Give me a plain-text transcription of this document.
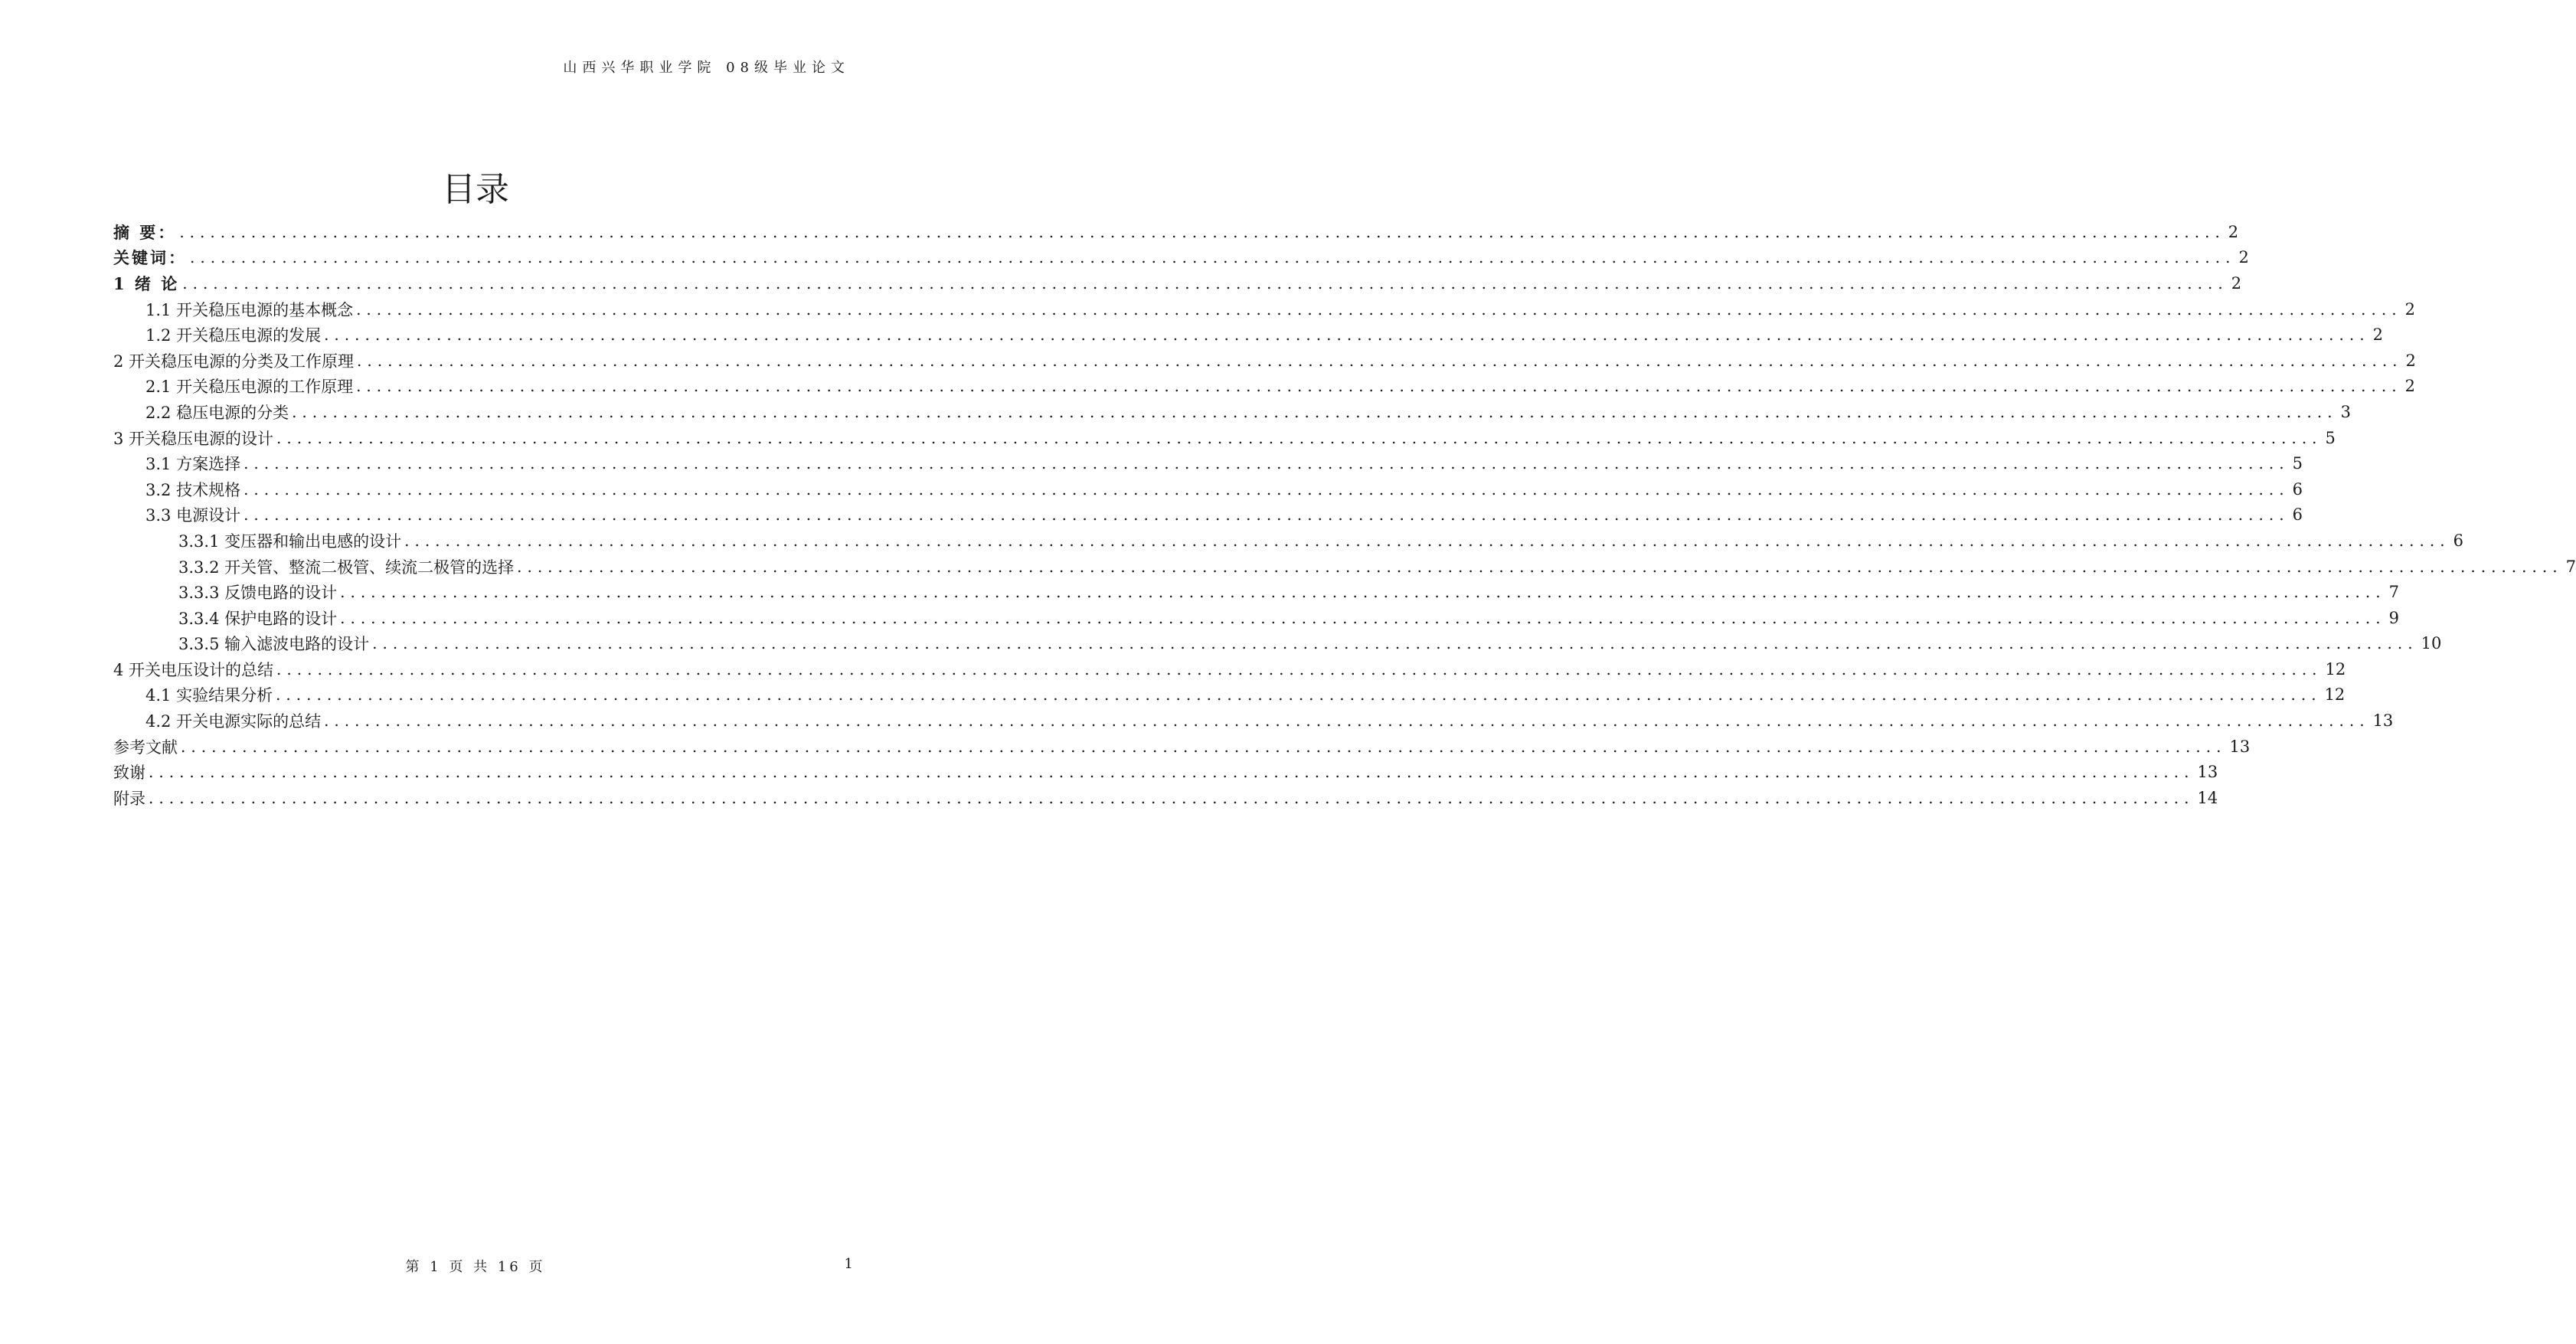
山西兴华职业学院 08级毕业论文
目录
摘 要： ........................................................................................................................................................................................................ 2
关键词： ........................................................................................................................................................................................................ 2
1 绪 论 ........................................................................................................................................................................................................ 2
1.1 开关稳压电源的基本概念 ........................................................................................................................................................................................................ 2
1.2 开关稳压电源的发展 ........................................................................................................................................................................................................ 2
2 开关稳压电源的分类及工作原理 ........................................................................................................................................................................................................ 2
2.1 开关稳压电源的工作原理 ........................................................................................................................................................................................................ 2
2.2 稳压电源的分类 ........................................................................................................................................................................................................ 3
3 开关稳压电源的设计 ........................................................................................................................................................................................................ 5
3.1 方案选择 ........................................................................................................................................................................................................ 5
3.2 技术规格 ........................................................................................................................................................................................................ 6
3.3 电源设计 ........................................................................................................................................................................................................ 6
3.3.1 变压器和输出电感的设计 ........................................................................................................................................................................................................ 6
3.3.2 开关管、整流二极管、续流二极管的选择 ........................................................................................................................................................................................................ 7
3.3.3 反馈电路的设计 ........................................................................................................................................................................................................ 7
3.3.4 保护电路的设计 ........................................................................................................................................................................................................ 9
3.3.5 输入滤波电路的设计 ........................................................................................................................................................................................................ 10
4 开关电压设计的总结 ........................................................................................................................................................................................................ 12
4.1 实验结果分析 ........................................................................................................................................................................................................ 12
4.2 开关电源实际的总结 ........................................................................................................................................................................................................ 13
参考文献 ........................................................................................................................................................................................................ 13
致谢 ........................................................................................................................................................................................................ 13
附录 ........................................................................................................................................................................................................ 14
第 1 页 共 16 页	1
